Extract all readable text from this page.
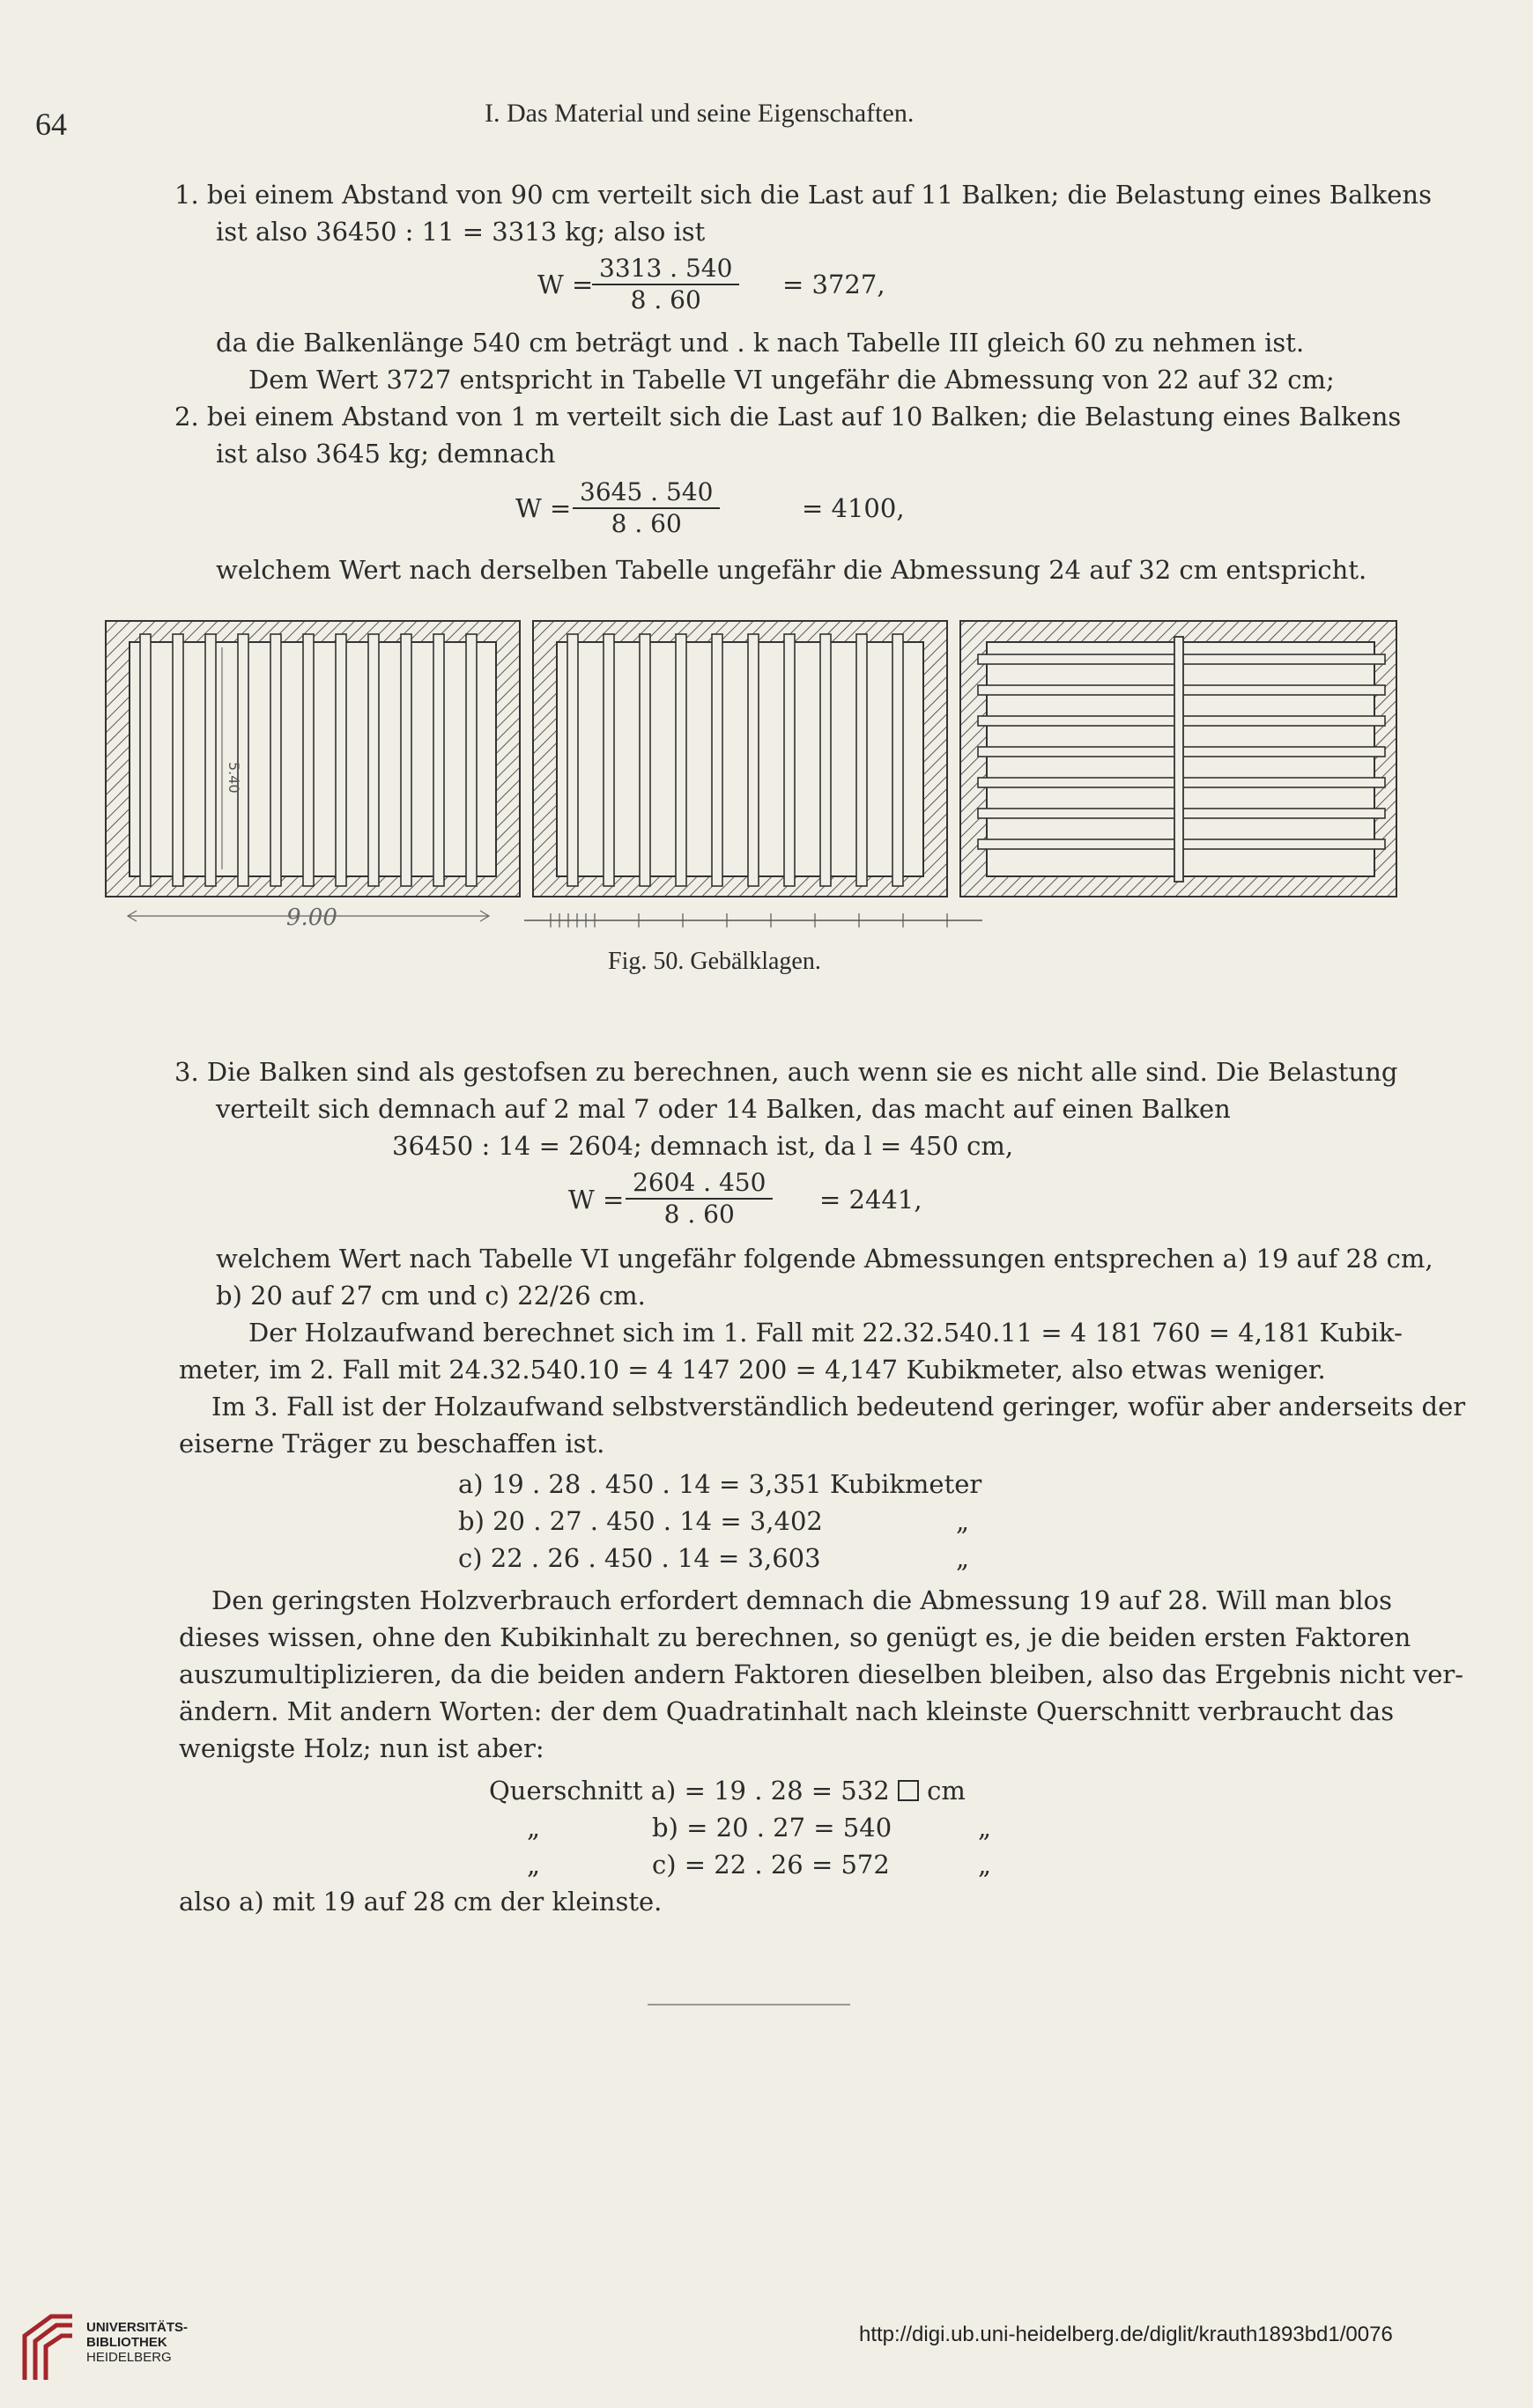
64	I. Das Material und seine Eigenschaften.
1. bei einem Abstand von 90 cm verteilt sich die Last auf 11 Balken; die Belastung eines Balkens
ist also 36450 : 11 = 3313 kg; also ist
W =
$\frac{3313 . 540}{8 . 60} = 3727$,
da die Balkenlänge 540 cm beträgt und . k nach Tabelle III gleich 60 zu nehmen ist.
Dem Wert 3727 entspricht in Tabelle VI ungefähr die Abmessung von 22 auf 32 cm;
2. bei einem Abstand von 1 m verteilt sich die Last auf 10 Balken; die Belastung eines Balkens
ist also 3645 kg; demnach
$W = \frac{3645 . 540}{8 . 60}$	= 4100,
welchem Wert nach derselben Tabelle ungefähr die Abmessung 24 auf 32 cm entspricht.
5.40
9.00
Fig. 50. Gebälklagen.
3. Die Balken sind als gestofsen zu berechnen, auch wenn sie es nicht alle sind. Die Belastung
verteilt sich demnach auf 2 mal 7 oder 14 Balken, das macht auf einen Balken
36450 : 14 = 2604; demnach ist, da l = 450 cm,
$W = \frac{2604 . 450}{8 . 60} = 2441$,
welchem Wert nach Tabelle VI ungefähr folgende Abmessungen entsprechen a) 19 auf 28 cm,
b) 20 auf 27 cm und c) 22/26 cm.
Der Holzaufwand berechnet sich im 1. Fall mit 22.32.540.11 = 4 181 760 = 4,181 Kubik-
meter, im 2. Fall mit 24.32.540.10 = 4 147 200 = 4,147 Kubikmeter, also etwas weniger.
Im 3. Fall ist der Holzaufwand selbstverständlich bedeutend geringer, wofür aber anderseits der
eiserne Träger zu beschaffen ist.
a) 19 . 28 . 450 . 14 = 3,351 Kubikmeter
b) 20 . 27 . 450 . 14 = 3,402	„
c) 22 . 26 . 450 . 14 = 3,603	„
Den geringsten Holzverbrauch erfordert demnach die Abmessung 19 auf 28. Will man blos
dieses wissen, ohne den Kubikinhalt zu berechnen, so genügt es, je die beiden ersten Faktoren
auszumultiplizieren, da die beiden andern Faktoren dieselben bleiben, also das Ergebnis nicht ver-
ändern. Mit andern Worten: der dem Quadratinhalt nach kleinste Querschnitt verbraucht das
wenigste Holz; nun ist aber:
Querschnitt a) = 19 . 28 = 532 cm
„	b) = 20 . 27 = 540	„
„	c) = 22 . 26 = 572	„
also a) mit 19 auf 28 cm der kleinste.
UNIVERSITÄTS-
BIBLIOTHEK
HEIDELBERG
http://digi.ub.uni-heidelberg.de/diglit/krauth1893bd1/0076
